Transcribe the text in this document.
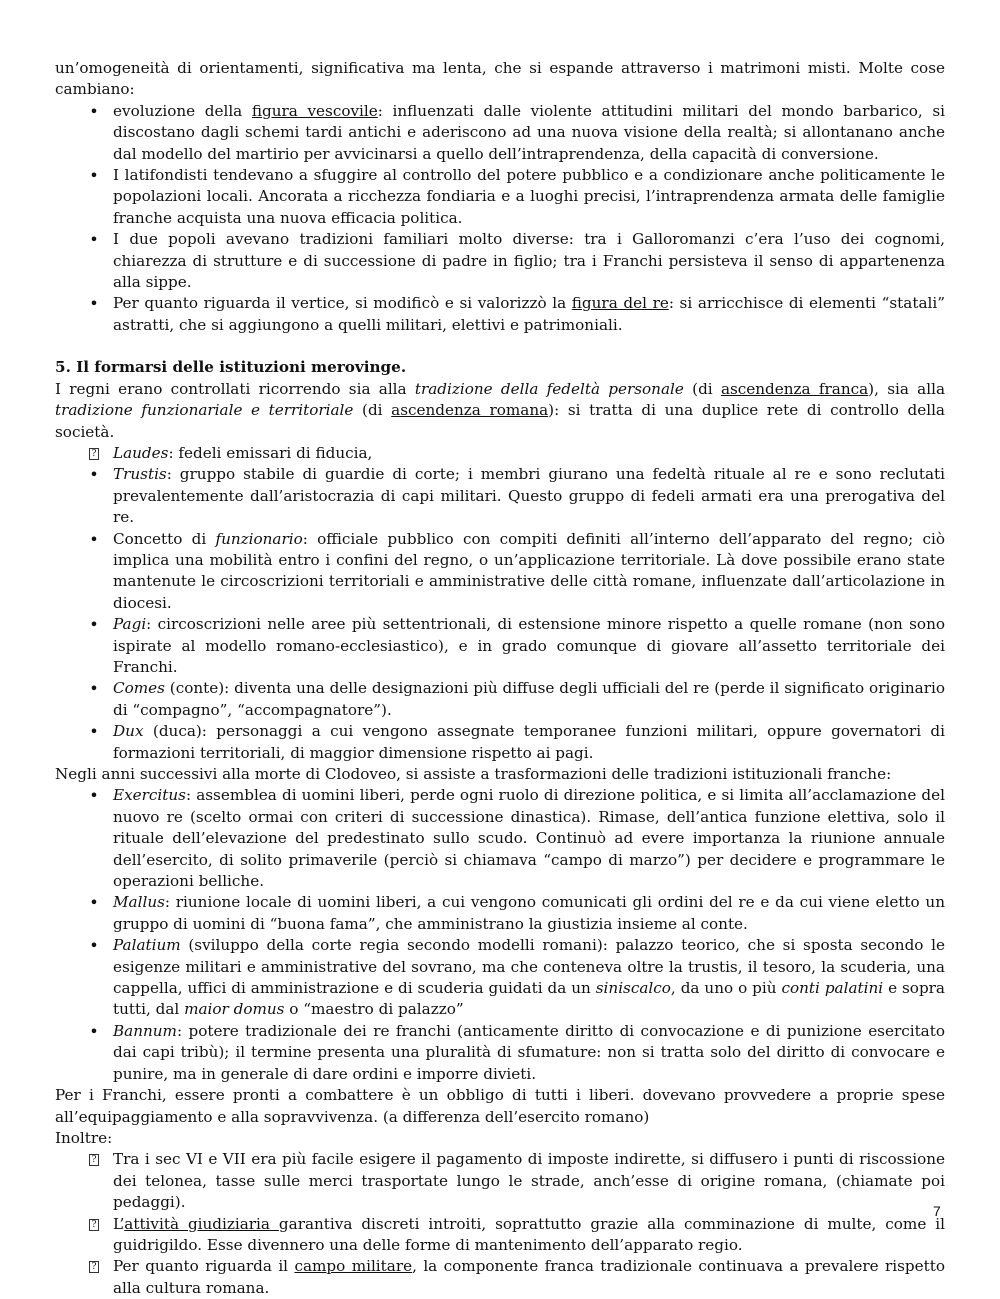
un’omogeneità di orientamenti, significativa ma lenta, che si espande attraverso i matrimoni misti. Molte cose cambiano:

•
evoluzione della figura vescovile: influenzati dalle violente attitudini militari del mondo barbarico, si discostano dagli schemi tardi antichi e aderiscono ad una nuova visione della realtà; si allontanano anche dal modello del martirio per avvicinarsi a quello dell’intraprendenza, della capacità di conversione.
•
I latifondisti tendevano a sfuggire al controllo del potere pubblico e a condizionare anche politicamente le popolazioni locali. Ancorata a ricchezza fondiaria e a luoghi precisi, l’intraprendenza armata delle famiglie franche acquista una nuova efficacia politica.
•
I due popoli avevano tradizioni familiari molto diverse: tra i Galloromanzi c’era l’uso dei cognomi, chiarezza di strutture e di successione di padre in figlio; tra i Franchi persisteva il senso di appartenenza alla sippe.
•
Per quanto riguarda il vertice, si modificò e si valorizzò la figura del re: si arricchisce di elementi “statali” astratti, che si aggiungono a quelli militari, elettivi e patrimoniali.
5. Il formarsi delle istituzioni merovinge.

I regni erano controllati ricorrendo sia alla tradizione della fedeltà personale (di ascendenza franca), sia alla tradizione funzionariale e territoriale (di ascendenza romana): si tratta di una duplice rete di controllo della società.

? Laudes: fedeli emissari di fiducia,
•
Trustis: gruppo stabile di guardie di corte; i membri giurano una fedeltà rituale al re e sono reclutati prevalentemente dall’aristocrazia di capi militari. Questo gruppo di fedeli armati era una prerogativa del re.
•
Concetto di funzionario: officiale pubblico con compiti definiti all’interno dell’apparato del regno; ciò implica una mobilità entro i confini del regno, o un’applicazione territoriale. Là dove possibile erano state mantenute le circoscrizioni territoriali e amministrative delle città romane, influenzate dall’articolazione in diocesi.
•
Pagi: circoscrizioni nelle aree più settentrionali, di estensione minore rispetto a quelle romane (non sono ispirate al modello romano-ecclesiastico), e in grado comunque di giovare all’assetto territoriale dei Franchi.
•
Comes (conte): diventa una delle designazioni più diffuse degli ufficiali del re (perde il significato originario di “compagno”, “accompagnatore”).
•
Dux (duca): personaggi a cui vengono assegnate temporanee funzioni militari, oppure governatori di formazioni territoriali, di maggior dimensione rispetto ai pagi.

Negli anni successivi alla morte di Clodoveo, si assiste a trasformazioni delle tradizioni istituzionali franche:

•
Exercitus: assemblea di uomini liberi, perde ogni ruolo di direzione politica, e si limita all’acclamazione del nuovo re (scelto ormai con criteri di successione dinastica). Rimase, dell’antica funzione elettiva, solo il rituale dell’elevazione del predestinato sullo scudo. Continuò ad evere importanza la riunione annuale dell’esercito, di solito primaverile (perciò si chiamava “campo di marzo”) per decidere e programmare le operazioni belliche.
•
Mallus: riunione locale di uomini liberi, a cui vengono comunicati gli ordini del re e da cui viene eletto un gruppo di uomini di “buona fama”, che amministrano la giustizia insieme al conte.
•
Palatium (sviluppo della corte regia secondo modelli romani): palazzo teorico, che si sposta secondo le esigenze militari e amministrative del sovrano, ma che conteneva oltre la trustis, il tesoro, la scuderia, una cappella, uffici di amministrazione e di scuderia guidati da un siniscalco, da uno o più conti palatini e sopra tutti, dal maior domus o “maestro di palazzo”
•
Bannum: potere tradizionale dei re franchi (anticamente diritto di convocazione e di punizione esercitato dai capi tribù); il termine presenta una pluralità di sfumature: non si tratta solo del diritto di convocare e punire, ma in generale di dare ordini e imporre divieti.

Per i Franchi, essere pronti a combattere è un obbligo di tutti i liberi. dovevano provvedere a proprie spese all’equipaggiamento e alla sopravvivenza. (a differenza dell’esercito romano)

Inoltre:

? Tra i sec VI e VII era più facile esigere il pagamento di imposte indirette, si diffusero i punti di riscossione dei telonea, tasse sulle merci trasportate lungo le strade, anch’esse di origine romana, (chiamate poi pedaggi).
? L’attività giudiziaria garantiva discreti introiti, soprattutto grazie alla comminazione di multe, come il guidrigildo. Esse divennero una delle forme di mantenimento dell’apparato regio.
? Per quanto riguarda il campo militare, la componente franca tradizionale continuava a prevalere rispetto alla cultura romana.
7
